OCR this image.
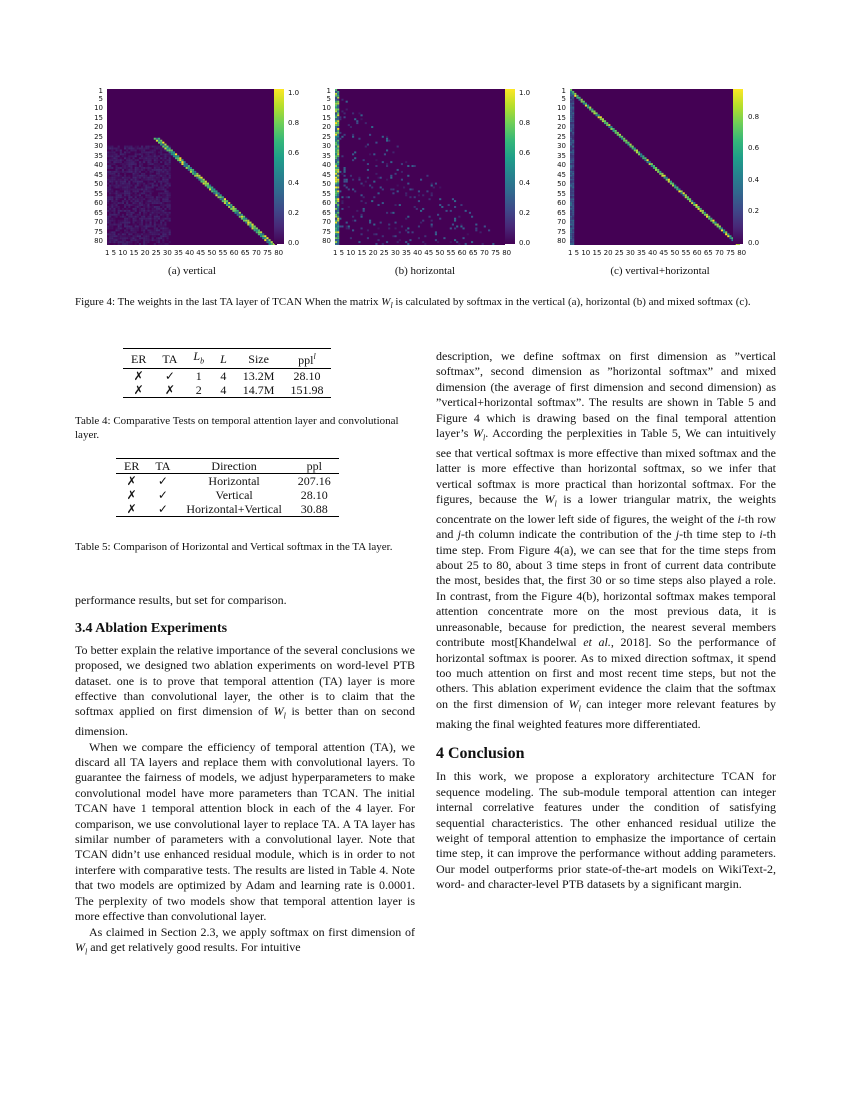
1
5
10
15
20
25
30
35
40
45
50
55
60
65
70
75
80
1 5 10 15 20 25 30 35 40 45 50 55 60 65 70 75 80
1.0
0.8
0.6
0.4
0.2
0.0
(a) vertical
1
5
10
15
20
25
30
35
40
45
50
55
60
65
70
75
80
1 5 10 15 20 25 30 35 40 45 50 55 60 65 70 75 80
1.0
0.8
0.6
0.4
0.2
0.0
(b) horizontal
1
5
10
15
20
25
30
35
40
45
50
55
60
65
70
75
80
1 5 10 15 20 25 30 35 40 45 50 55 60 65 70 75 80
0.8
0.6
0.4
0.2
0.0
(c) vertival+horizontal
Figure 4: The weights in the last TA layer of TCAN When the matrix $W_l$ is calculated by softmax in the vertical (a), horizontal (b) and mixed softmax (c).
ER	TA	$L_b$	L	Size	ppl$^l$
✗	✓	1	4	13.2M	28.10
✗	✗	2	4	14.7M	151.98
Table 4: Comparative Tests on temporal attention layer and convolutional layer.
ER	TA	Direction	ppl
✗	✓	Horizontal	207.16
✗	✓	Vertical	28.10
✗	✓	Horizontal+Vertical	30.88
Table 5: Comparison of Horizontal and Vertical softmax in the TA layer.

performance results, but set for comparison.

3.4 Ablation Experiments

To better explain the relative importance of the several conclusions we proposed, we designed two ablation experiments on word-level PTB dataset. one is to prove that temporal attention (TA) layer is more effective than convolutional layer, the other is to claim that the softmax applied on first dimension of $W_l$ is better than on second dimension.

When we compare the efficiency of temporal attention (TA), we discard all TA layers and replace them with convolutional layers. To guarantee the fairness of models, we adjust hyperparameters to make convolutional model have more parameters than TCAN. The initial TCAN have 1 temporal attention block in each of the 4 layer. For comparison, we use convolutional layer to replace TA. A TA layer has similar number of parameters with a convolutional layer. Note that TCAN didn’t use enhanced residual module, which is in order to not interfere with comparative tests. The results are listed in Table 4. Note that two models are optimized by Adam and learning rate is 0.0001. The perplexity of two models show that temporal attention layer is more effective than convolutional layer.

As claimed in Section 2.3, we apply softmax on first dimension of $W_l$ and get relatively good results. For intuitive

description, we define softmax on first dimension as ”vertical softmax”, second dimension as ”horizontal softmax” and mixed dimension (the average of first dimension and second dimension) as ”vertical+horizontal softmax”. The results are shown in Table 5 and Figure 4 which is drawing based on the final temporal attention layer’s $W_l$. According the perplexities in Table 5, We can intuitively see that vertical softmax is more effective than mixed softmax and the latter is more effective than horizontal softmax, so we infer that vertical softmax is more practical than horizontal softmax. For the figures, because the $W_l$ is a lower triangular matrix, the weights concentrate on the lower left side of figures, the weight of the i-th row and j-th column indicate the contribution of the j-th time step to i-th time step. From Figure 4(a), we can see that for the time steps from about 25 to 80, about 3 time steps in front of current data contribute the most, besides that, the first 30 or so time steps also played a role. In contrast, from the Figure 4(b), horizontal softmax makes temporal attention concentrate more on the most previous data, it is unreasonable, because for prediction, the nearest several members contribute most[Khandelwal et al., 2018]. So the performance of horizontal softmax is poorer. As to mixed direction softmax, it spend too much attention on first and most recent time steps, but not the others. This ablation experiment evidence the claim that the softmax on the first dimension of $W_l$ can integer more relevant features by making the final weighted features more differentiated.

4 Conclusion

In this work, we propose a exploratory architecture TCAN for sequence modeling. The sub-module temporal attention can integer internal correlative features under the condition of satisfying sequential characteristics. The other enhanced residual utilize the weight of temporal attention to emphasize the importance of certain time step, it can improve the performance without adding parameters. Our model outperforms prior state-of-the-art models on WikiText-2, word- and character-level PTB datasets by a significant margin.
